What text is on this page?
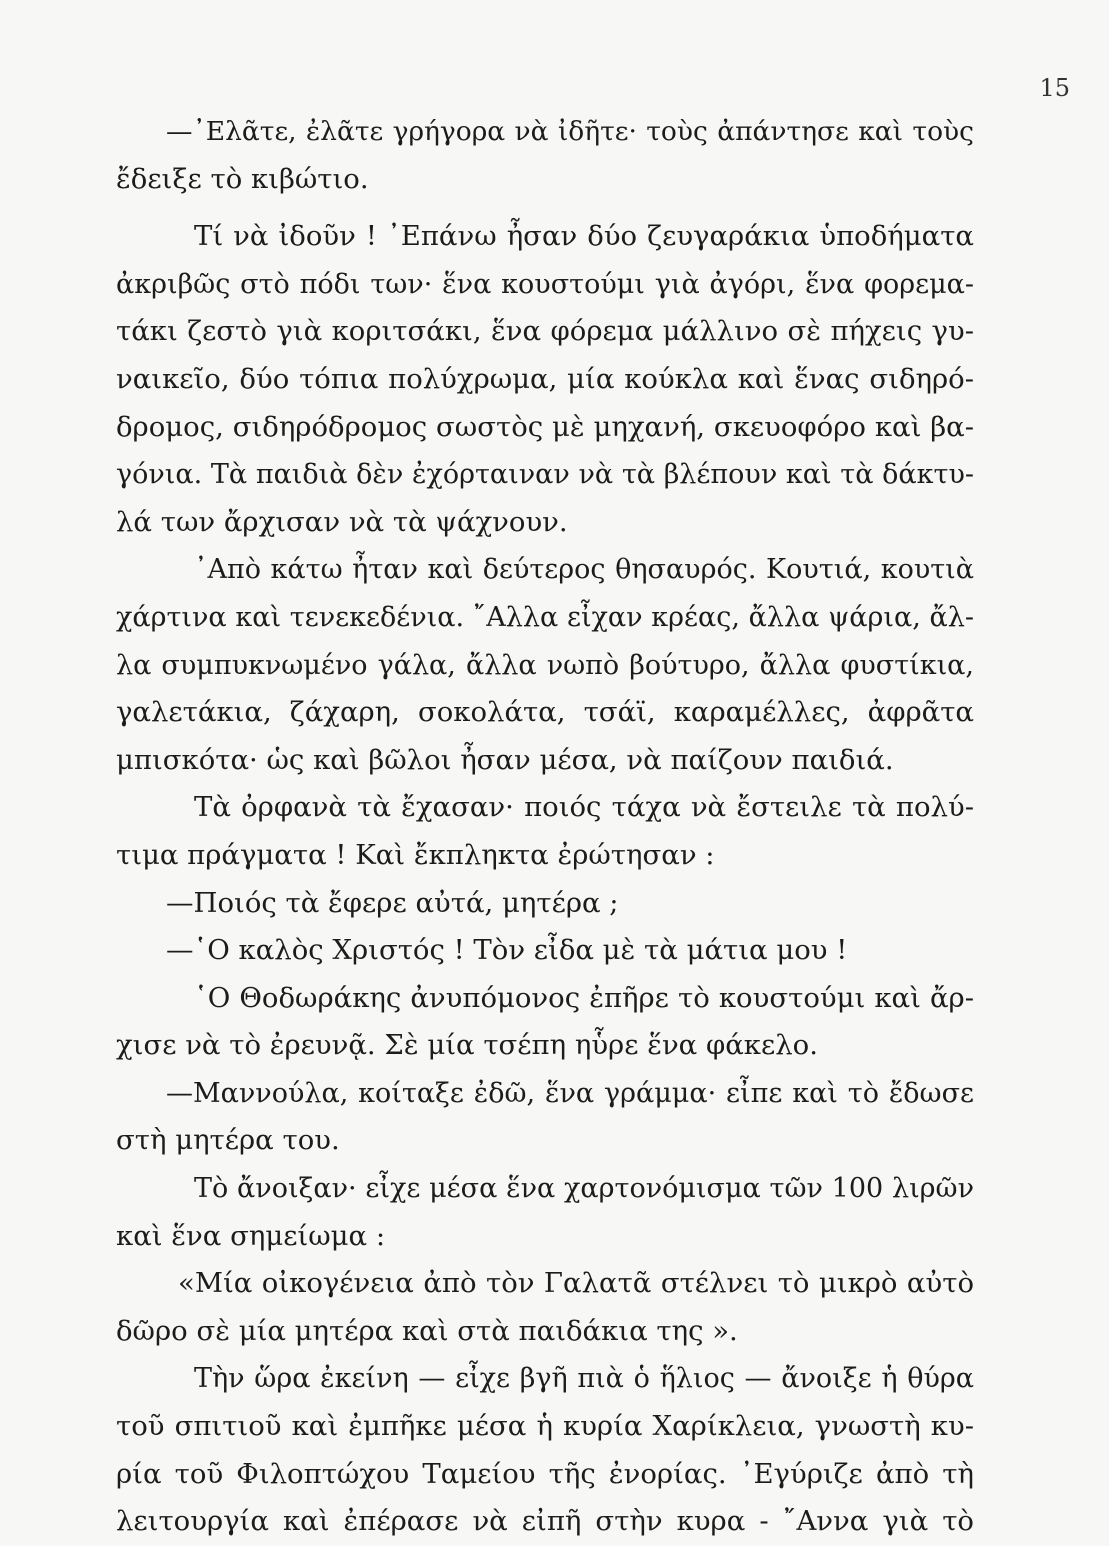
15
—᾿Ελᾶτε, ἐλᾶτε γρήγορα νὰ ἰδῆτε· τοὺς ἀπάντησε καὶ τοὺς
ἔδειξε τὸ κιβώτιο.
Τί νὰ ἰδοῦν ! ᾿Επάνω ἦσαν δύο ζευγαράκια ὑποδήματα
ἀκριβῶς στὸ πόδι των· ἕνα κουστούμι γιὰ ἀγόρι, ἕνα φορεμα-
τάκι ζεστὸ γιὰ κοριτσάκι, ἕνα φόρεμα μάλλινο σὲ πήχεις γυ-
ναικεῖο, δύο τόπια πολύχρωμα, μία κούκλα καὶ ἕνας σιδηρό-
δρομος, σιδηρόδρομος σωστὸς μὲ μηχανή, σκευοφόρο καὶ βα-
γόνια. Τὰ παιδιὰ δὲν ἐχόρταιναν νὰ τὰ βλέπουν καὶ τὰ δάκτυ-
λά των ἄρχισαν νὰ τὰ ψάχνουν.
᾿Απὸ κάτω ἦταν καὶ δεύτερος θησαυρός. Κουτιά, κουτιὰ
χάρτινα καὶ τενεκεδένια. ῎Αλλα εἶχαν κρέας, ἄλλα ψάρια, ἄλ-
λα συμπυκνωμένο γάλα, ἄλλα νωπὸ βούτυρο, ἄλλα φυστίκια,
γαλετάκια, ζάχαρη, σοκολάτα, τσάϊ, καραμέλλες, ἀφρᾶτα
μπισκότα· ὡς καὶ βῶλοι ἦσαν μέσα, νὰ παίζουν παιδιά.
Τὰ ὀρφανὰ τὰ ἔχασαν· ποιός τάχα νὰ ἔστειλε τὰ πολύ-
τιμα πράγματα ! Καὶ ἔκπληκτα ἐρώτησαν :
—Ποιός τὰ ἔφερε αὐτά, μητέρα ;
—῾Ο καλὸς Χριστός ! Τὸν εἶδα μὲ τὰ μάτια μου !
῾Ο Θοδωράκης ἀνυπόμονος ἐπῆρε τὸ κουστούμι καὶ ἄρ-
χισε νὰ τὸ ἐρευνᾷ. Σὲ μία τσέπη ηὗρε ἕνα φάκελο.
—Μαννούλα, κοίταξε ἐδῶ, ἕνα γράμμα· εἶπε καὶ τὸ ἔδωσε
στὴ μητέρα του.
Τὸ ἄνοιξαν· εἶχε μέσα ἕνα χαρτονόμισμα τῶν 100 λιρῶν
καὶ ἕνα σημείωμα :
«Μία οἰκογένεια ἀπὸ τὸν Γαλατᾶ στέλνει τὸ μικρὸ αὐτὸ
δῶρο σὲ μία μητέρα καὶ στὰ παιδάκια της ».
Τὴν ὥρα ἐκείνη — εἶχε βγῆ πιὰ ὁ ἥλιος — ἄνοιξε ἡ θύρα
τοῦ σπιτιοῦ καὶ ἐμπῆκε μέσα ἡ κυρία Χαρίκλεια, γνωστὴ κυ-
ρία τοῦ Φιλοπτώχου Ταμείου τῆς ἐνορίας. ᾿Εγύριζε ἀπὸ τὴ
λειτουργία καὶ ἐπέρασε νὰ εἰπῆ στὴν κυρα - ῎Αννα γιὰ τὸ
